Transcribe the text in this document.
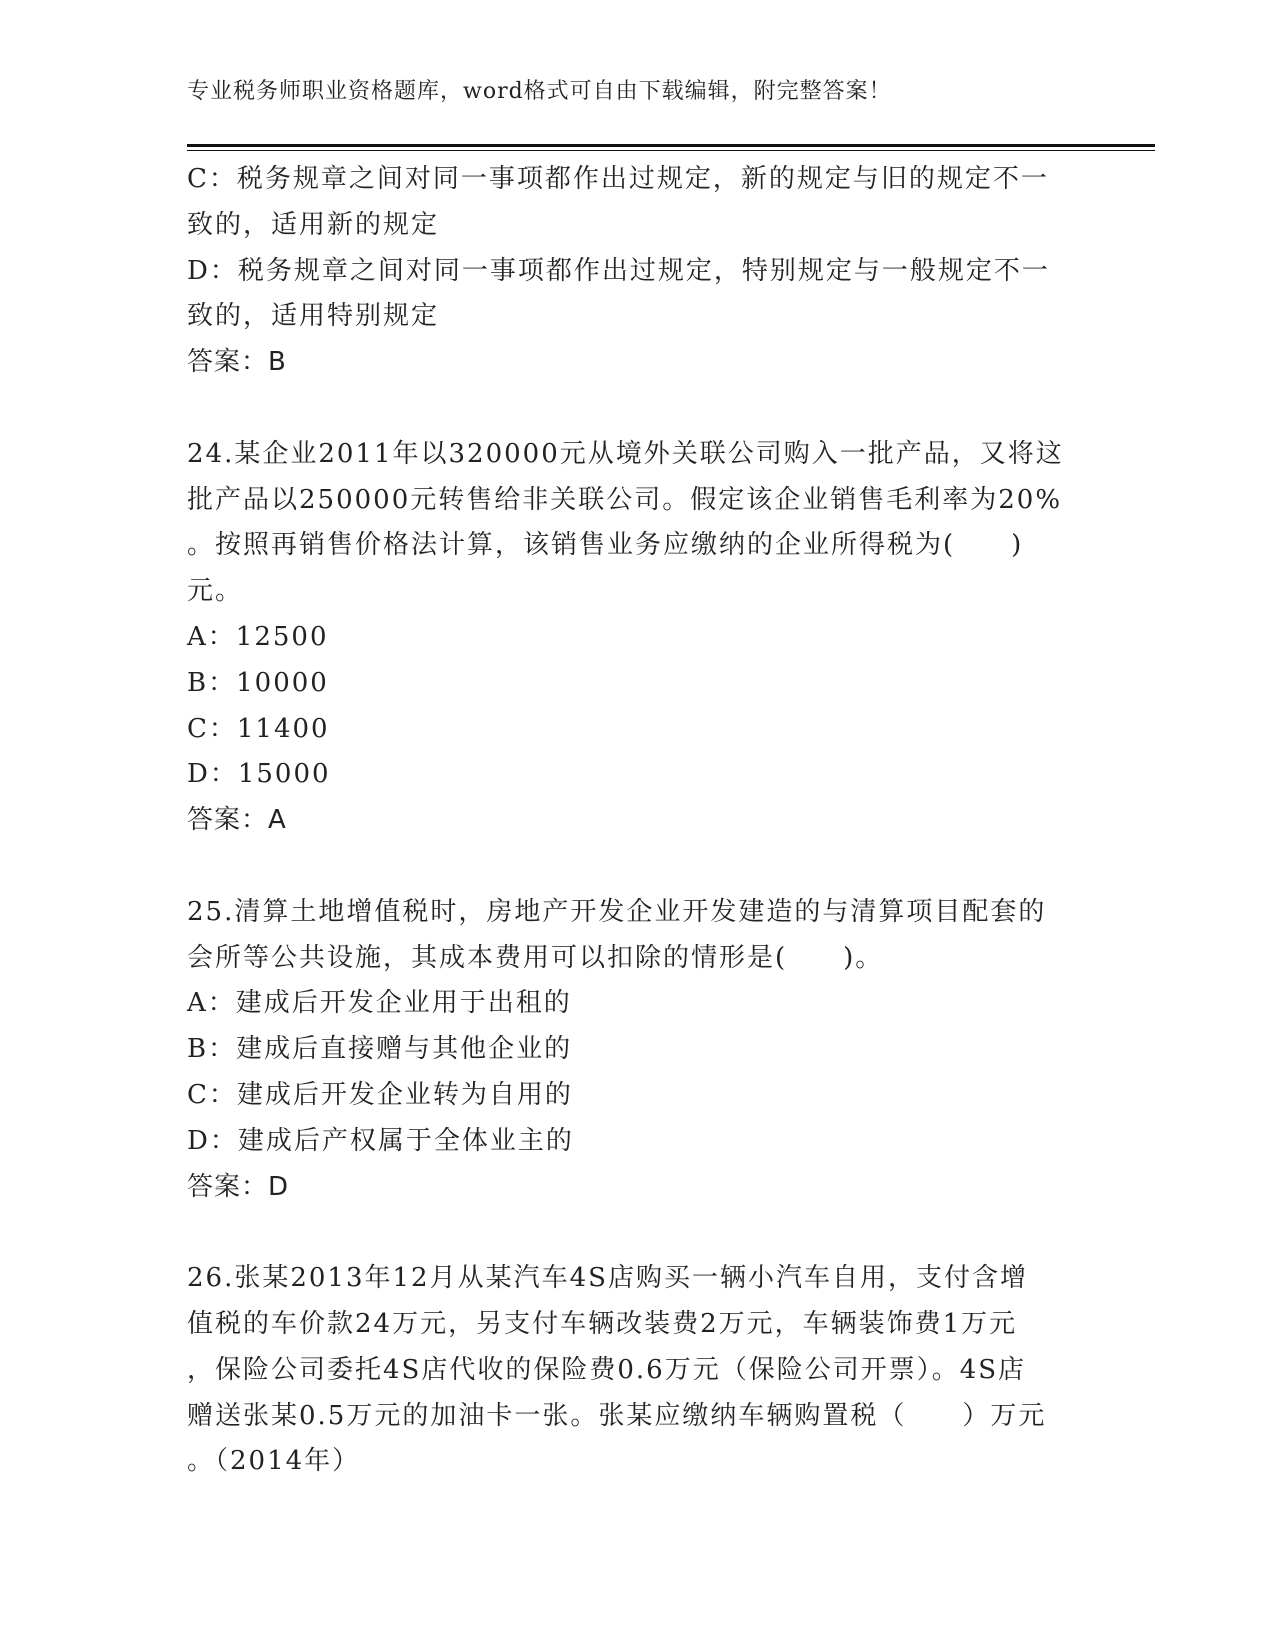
专业税务师职业资格题库，word格式可自由下载编辑，附完整答案！
C：税务规章之间对同一事项都作出过规定，新的规定与旧的规定不一
致的，适用新的规定
D：税务规章之间对同一事项都作出过规定，特别规定与一般规定不一
致的，适用特别规定
答案：B
24.某企业2011年以320000元从境外关联公司购入一批产品，又将这
批产品以250000元转售给非关联公司。假定该企业销售毛利率为20%
。按照再销售价格法计算，该销售业务应缴纳的企业所得税为(　　)
元。
A：12500
B：10000
C：11400
D：15000
答案：A
25.清算土地增值税时，房地产开发企业开发建造的与清算项目配套的
会所等公共设施，其成本费用可以扣除的情形是(　　)。
A：建成后开发企业用于出租的
B：建成后直接赠与其他企业的
C：建成后开发企业转为自用的
D：建成后产权属于全体业主的
答案：D
26.张某2013年12月从某汽车4S店购买一辆小汽车自用，支付含增
值税的车价款24万元，另支付车辆改装费2万元，车辆装饰费1万元
，保险公司委托4S店代收的保险费0.6万元（保险公司开票）。4S店
赠送张某0.5万元的加油卡一张。张某应缴纳车辆购置税（　　）万元
。（2014年）
